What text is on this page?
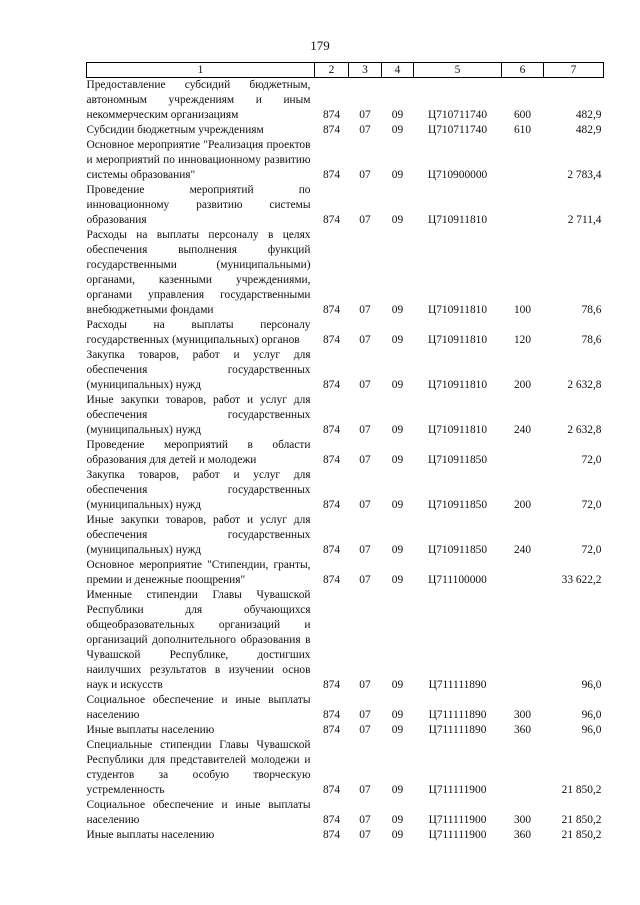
179
1	2	3	4	5	6	7
Предоставление субсидий бюджетным, автономным учреждениям и иным некоммерческим организациям	874	07	09	Ц710711740	600	482,9
Субсидии бюджетным учреждениям	874	07	09	Ц710711740	610	482,9
Основное мероприятие "Реализация проектов и мероприятий по инновационному развитию системы образования"	874	07	09	Ц710900000		2 783,4
Проведение мероприятий по инновационному развитию системы образования	874	07	09	Ц710911810		2 711,4
Расходы на выплаты персоналу в целях обеспечения выполнения функций государственными (муниципальными) органами, казенными учреждениями, органами управления государственными внебюджетными фондами	874	07	09	Ц710911810	100	78,6
Расходы на выплаты персоналу государственных (муниципальных) органов	874	07	09	Ц710911810	120	78,6
Закупка товаров, работ и услуг для обеспечения государственных (муниципальных) нужд	874	07	09	Ц710911810	200	2 632,8
Иные закупки товаров, работ и услуг для обеспечения государственных (муниципальных) нужд	874	07	09	Ц710911810	240	2 632,8
Проведение мероприятий в области образования для детей и молодежи	874	07	09	Ц710911850		72,0
Закупка товаров, работ и услуг для обеспечения государственных (муниципальных) нужд	874	07	09	Ц710911850	200	72,0
Иные закупки товаров, работ и услуг для обеспечения государственных (муниципальных) нужд	874	07	09	Ц710911850	240	72,0
Основное мероприятие "Стипендии, гранты, премии и денежные поощрения"	874	07	09	Ц711100000		33 622,2
Именные стипендии Главы Чувашской Республики для обучающихся общеобразовательных организаций и организаций дополнительного образования в Чувашской Республике, достигших наилучших результатов в изучении основ наук и искусств	874	07	09	Ц711111890		96,0
Социальное обеспечение и иные выплаты населению	874	07	09	Ц711111890	300	96,0
Иные выплаты населению	874	07	09	Ц711111890	360	96,0
Специальные стипендии Главы Чувашской Республики для представителей молодежи и студентов за особую творческую устремленность	874	07	09	Ц711111900		21 850,2
Социальное обеспечение и иные выплаты населению	874	07	09	Ц711111900	300	21 850,2
Иные выплаты населению	874	07	09	Ц711111900	360	21 850,2
